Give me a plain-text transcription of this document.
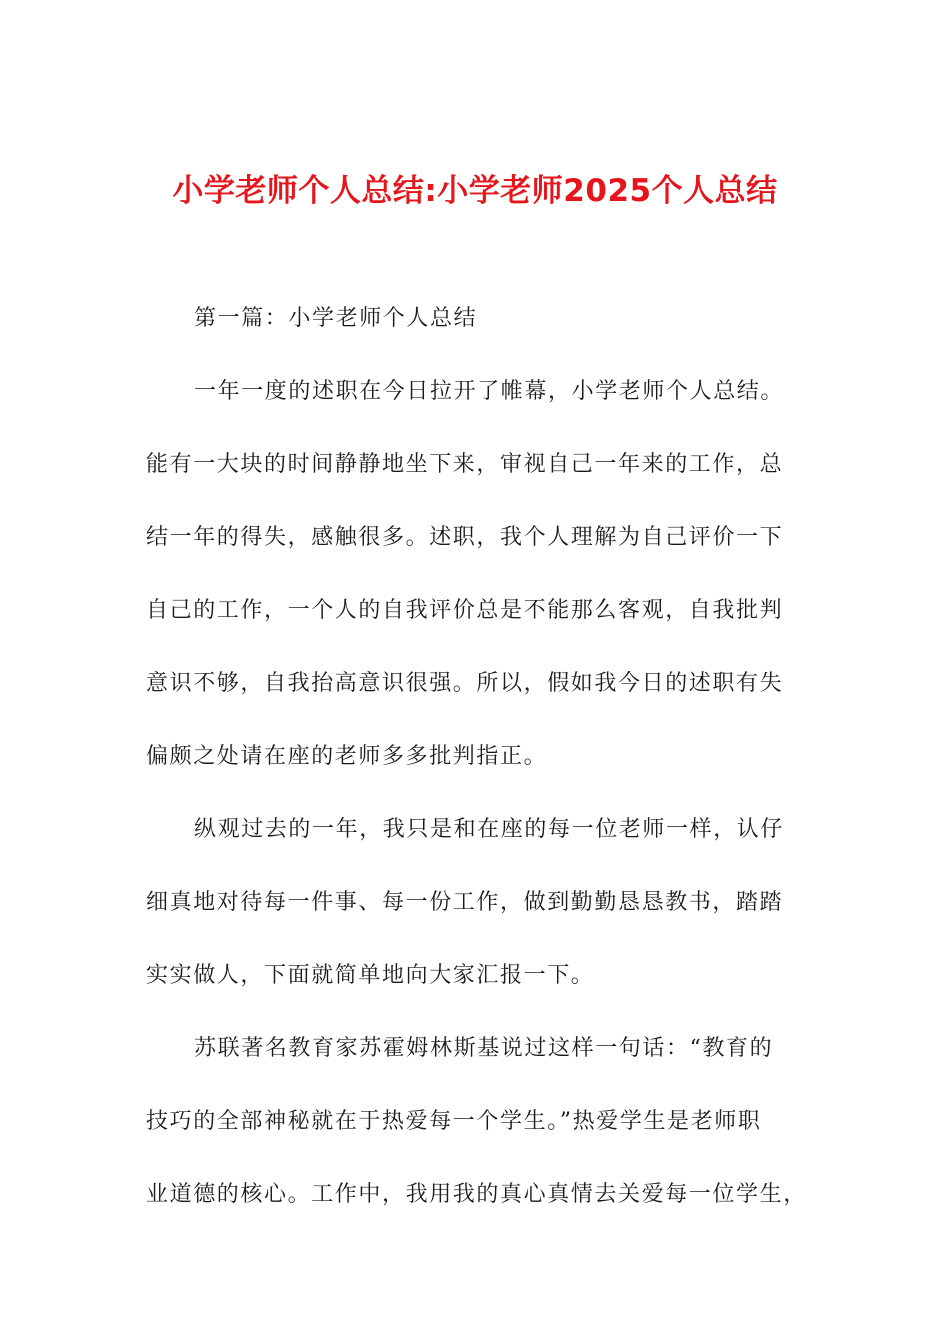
小学老师个人总结:小学老师2025个人总结
第一篇：小学老师个人总结
一年一度的述职在今日拉开了帷幕，小学老师个人总结。
能有一大块的时间静静地坐下来，审视自己一年来的工作，总
结一年的得失，感触很多。述职，我个人理解为自己评价一下
自己的工作，一个人的自我评价总是不能那么客观，自我批判
意识不够，自我抬高意识很强。所以，假如我今日的述职有失
偏颇之处请在座的老师多多批判指正。
纵观过去的一年，我只是和在座的每一位老师一样，认仔
细真地对待每一件事、每一份工作，做到勤勤恳恳教书，踏踏
实实做人，下面就简单地向大家汇报一下。
苏联著名教育家苏霍姆林斯基说过这样一句话：“教育的
技巧的全部神秘就在于热爱每一个学生。”热爱学生是老师职
业道德的核心。工作中，我用我的真心真情去关爱每一位学生，
